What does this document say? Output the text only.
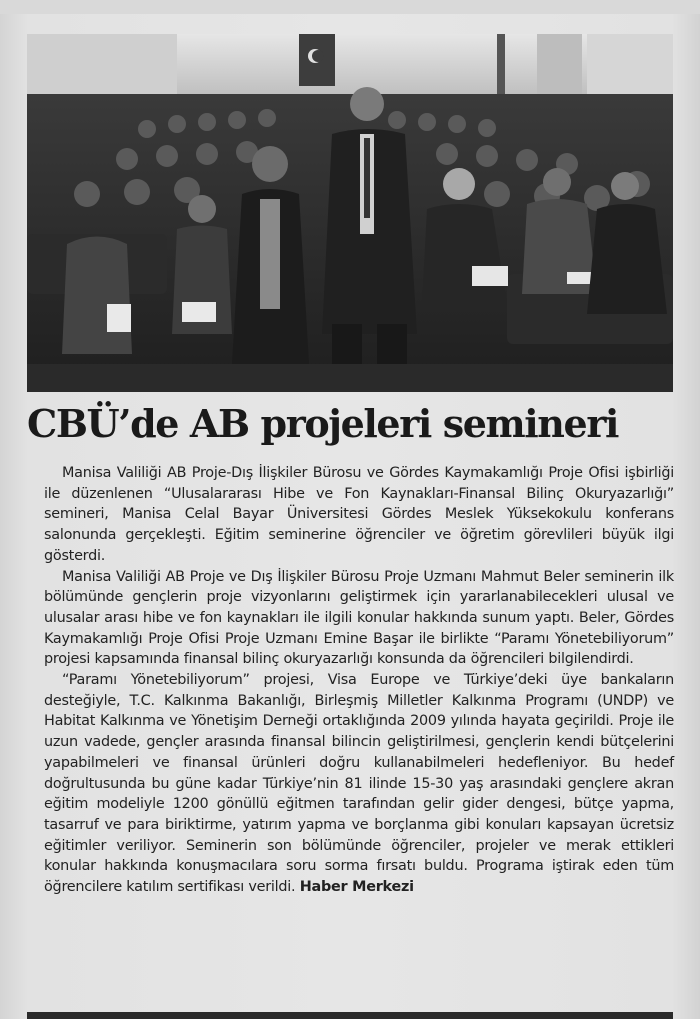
CBÜ’de AB projeleri semineri

Manisa Valiliği AB Proje-Dış İlişkiler Bürosu ve Gördes Kaymakamlığı Proje Ofisi işbirliği ile düzenlenen “Ulusalararası Hibe ve Fon Kaynakları-Finansal Bilinç Okuryazarlığı” semineri, Manisa Celal Bayar Üniversitesi Gördes Meslek Yüksekokulu konferans salonunda gerçekleşti. Eğitim seminerine öğrenciler ve öğretim görevlileri büyük ilgi gösterdi.

Manisa Valiliği AB Proje ve Dış İlişkiler Bürosu Proje Uzmanı Mahmut Beler seminerin ilk bölümünde gençlerin proje vizyonlarını geliştirmek için yararlanabilecekleri ulusal ve ulusalar arası hibe ve fon kaynakları ile ilgili konular hakkında sunum yaptı. Beler, Gördes Kaymakamlığı Proje Ofisi Proje Uzmanı Emine Başar ile birlikte “Paramı Yönetebiliyorum” projesi kapsamında finansal bilinç okuryazarlığı konsunda da öğrencileri bilgilendirdi.

“Paramı Yönetebiliyorum” projesi, Visa Europe ve Türkiye’deki üye bankaların desteğiyle, T.C. Kalkınma Bakanlığı, Birleşmiş Milletler Kalkınma Programı (UNDP) ve Habitat Kalkınma ve Yönetişim Derneği ortaklığında 2009 yılında hayata geçirildi. Proje ile uzun vadede, gençler arasında finansal bilincin geliştirilmesi, gençlerin kendi bütçelerini yapabilmeleri ve finansal ürünleri doğru kullanabilmeleri hedefleniyor. Bu hedef doğrultusunda bu güne kadar Türkiye’nin 81 ilinde 15-30 yaş arasındaki gençlere akran eğitim modeliyle 1200 gönüllü eğitmen tarafından gelir gider dengesi, bütçe yapma, tasarruf ve para biriktirme, yatırım yapma ve borçlanma gibi konuları kapsayan ücretsiz eğitimler veriliyor. Seminerin son bölümünde öğrenciler, projeler ve merak ettikleri konular hakkında konuşmacılara soru sorma fırsatı buldu. Programa iştirak eden tüm öğrencilere katılım sertifikası verildi. Haber Merkezi
